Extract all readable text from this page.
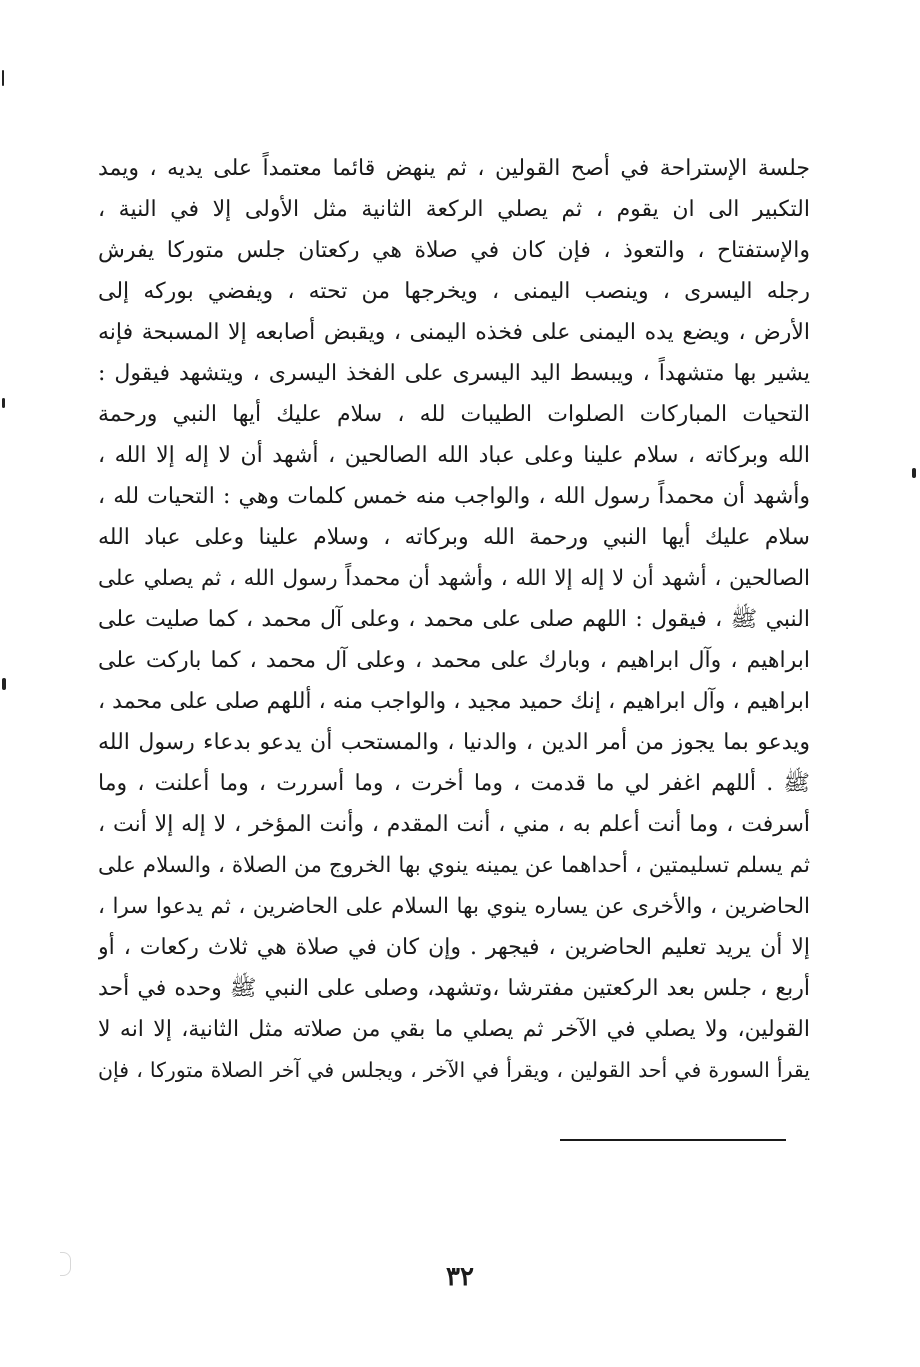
جلسة الإستراحة في أصح القولين ، ثم ينهض قائما معتمداً على يديه ، ويمد
التكبير الى ان يقوم ، ثم يصلي الركعة الثانية مثل الأولى إلا في النية ،
والإستفتاح ، والتعوذ ، فإن كان في صلاة هي ركعتان جلس متوركا يفرش
رجله اليسرى ، وينصب اليمنى ، ويخرجها من تحته ، ويفضي بوركه إلى
الأرض ، ويضع يده اليمنى على فخذه اليمنى ، ويقبض أصابعه إلا المسبحة فإنه
يشير بها متشهداً ، ويبسط اليد اليسرى على الفخذ اليسرى ، ويتشهد فيقول :
التحيات المباركات الصلوات الطيبات لله ، سلام عليك أيها النبي ورحمة
الله وبركاته ، سلام علينا وعلى عباد الله الصالحين ، أشهد أن لا إله إلا الله ،
وأشهد أن محمداً رسول الله ، والواجب منه خمس كلمات وهي : التحيات لله ،
سلام عليك أيها النبي ورحمة الله وبركاته ، وسلام علينا وعلى عباد الله
الصالحين ، أشهد أن لا إله إلا الله ، وأشهد أن محمداً رسول الله ، ثم يصلي على
النبي ﷺ ، فيقول : اللهم صلى على محمد ، وعلى آل محمد ، كما صليت على
ابراهيم ، وآل ابراهيم ، وبارك على محمد ، وعلى آل محمد ، كما باركت على
ابراهيم ، وآل ابراهيم ، إنك حميد مجيد ، والواجب منه ، أللهم صلى على محمد ،
ويدعو بما يجوز من أمر الدين ، والدنيا ، والمستحب أن يدعو بدعاء رسول الله
ﷺ . أللهم اغفر لي ما قدمت ، وما أخرت ، وما أسررت ، وما أعلنت ، وما
أسرفت ، وما أنت أعلم به ، مني ، أنت المقدم ، وأنت المؤخر ، لا إله إلا أنت ،
ثم يسلم تسليمتين ، أحداهما عن يمينه ينوي بها الخروج من الصلاة ، والسلام على
الحاضرين ، والأخرى عن يساره ينوي بها السلام على الحاضرين ، ثم يدعوا سرا ،
إلا أن يريد تعليم الحاضرين ، فيجهر . وإن كان في صلاة هي ثلاث ركعات ، أو
أربع ، جلس بعد الركعتين مفترشا ،وتشهد، وصلى على النبي ﷺ وحده في أحد
القولين، ولا يصلي في الآخر ثم يصلي ما بقي من صلاته مثل الثانية، إلا انه لا
يقرأ السورة في أحد القولين ، ويقرأ في الآخر ، ويجلس في آخر الصلاة متوركا ، فإن
٣٢
